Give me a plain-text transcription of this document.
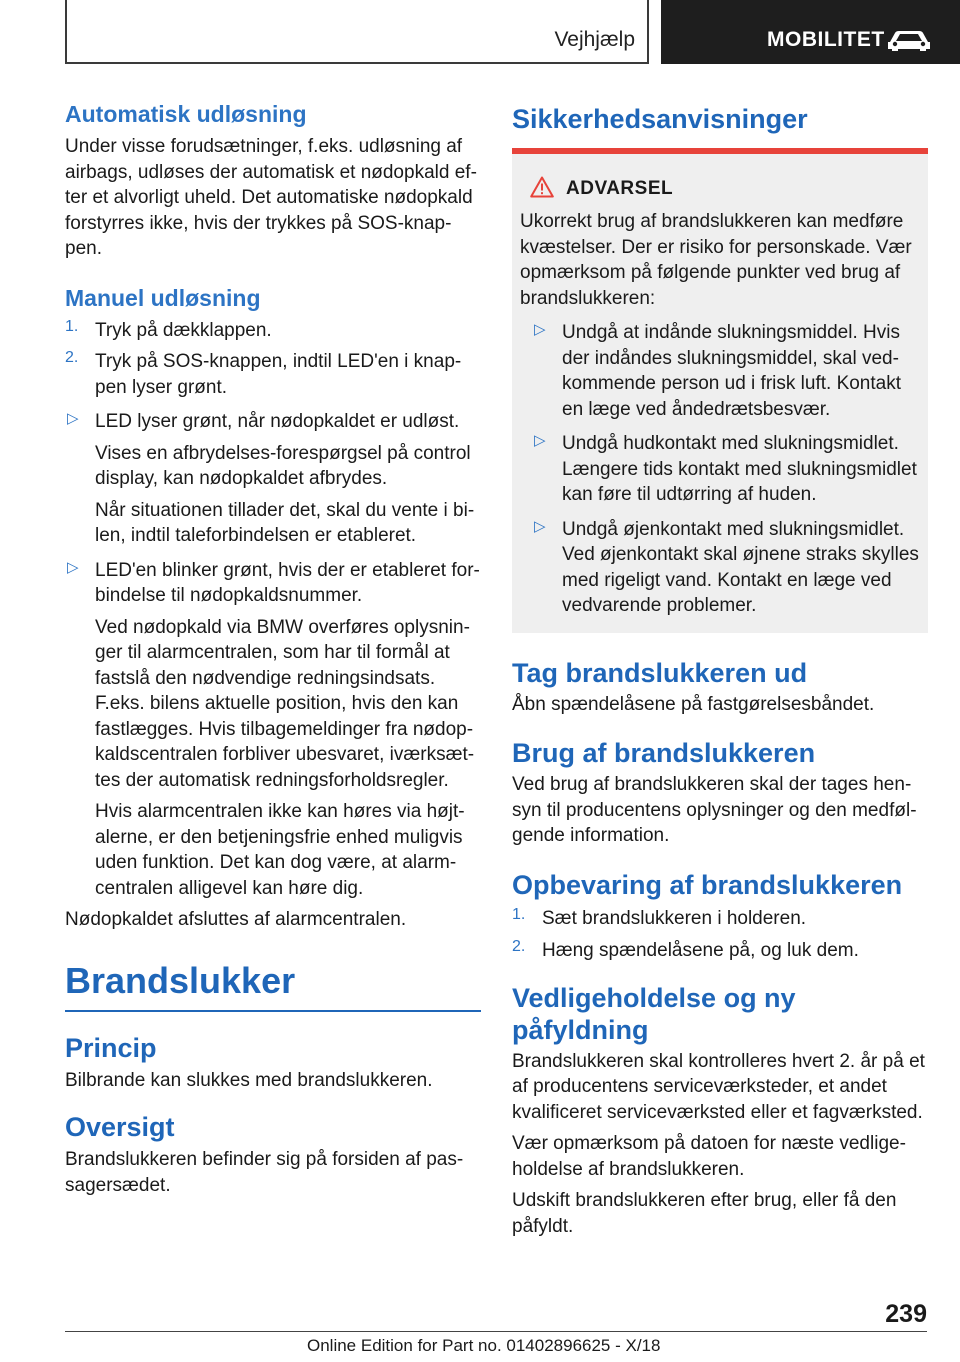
Vejhjælp	MOBILITET
Automatisk udløsning

Under visse forudsætninger, f.eks. udløsning af airbags, udløses der automatisk et nødopkald efter et alvorligt uheld. Det automatiske nødopkald forstyrres ikke, hvis der trykkes på SOS-knappen.

Manuel udløsning
1. Tryk på dækklappen.

2. Tryk på SOS-knappen, indtil LED'en i knappen lyser grønt.

▷ LED lyser grønt, når nødopkaldet er udløst.

Vises en afbrydelses-forespørgsel på control display, kan nødopkaldet afbrydes.

Når situationen tillader det, skal du vente i bilen, indtil taleforbindelsen er etableret.

▷ LED'en blinker grønt, hvis der er etableret forbindelse til nødopkaldsnummer.

Ved nødopkald via BMW overføres oplysninger til alarmcentralen, som har til formål at fastslå den nødvendige redningsindsats. F.eks. bilens aktuelle position, hvis den kan fastlægges. Hvis tilbagemeldinger fra nødopkaldscentralen forbliver ubesvaret, iværksættes der automatisk redningsforholdsregler.

Hvis alarmcentralen ikke kan høres via højtalerne, er den betjeningsfrie enhed muligvis uden funktion. Det kan dog være, at alarmcentralen alligevel kan høre dig.

Nødopkaldet afsluttes af alarmcentralen.

Brandslukker
Princip

Bilbrande kan slukkes med brandslukkeren.

Oversigt

Brandslukkeren befinder sig på forsiden af passagersædet.

Sikkerhedsanvisninger
ADVARSEL

Ukorrekt brug af brandslukkeren kan medføre kvæstelser. Der er risiko for personskade. Vær opmærksom på følgende punkter ved brug af brandslukkeren:

▷ Undgå at indånde slukningsmiddel. Hvis der indåndes slukningsmiddel, skal vedkommende person ud i frisk luft. Kontakt en læge ved åndedrætsbesvær.

▷ Undgå hudkontakt med slukningsmidlet. Længere tids kontakt med slukningsmidlet kan føre til udtørring af huden.

▷ Undgå øjenkontakt med slukningsmidlet. Ved øjenkontakt skal øjnene straks skylles med rigeligt vand. Kontakt en læge ved vedvarende problemer.

Tag brandslukkeren ud

Åbn spændelåsene på fastgørelsesbåndet.

Brug af brandslukkeren

Ved brug af brandslukkeren skal der tages hensyn til producentens oplysninger og den medfølgende information.

Opbevaring af brandslukkeren
1. Sæt brandslukkeren i holderen.

2. Hæng spændelåsene på, og luk dem.

Vedligeholdelse og ny påfyldning

Brandslukkeren skal kontrolleres hvert 2. år på et af producentens serviceværksteder, et andet kvalificeret serviceværksted eller et fagværksted.

Vær opmærksom på datoen for næste vedligeholdelse af brandslukkeren.

Udskift brandslukkeren efter brug, eller få den påfyldt.

239
Online Edition for Part no. 01402896625 - X/18
